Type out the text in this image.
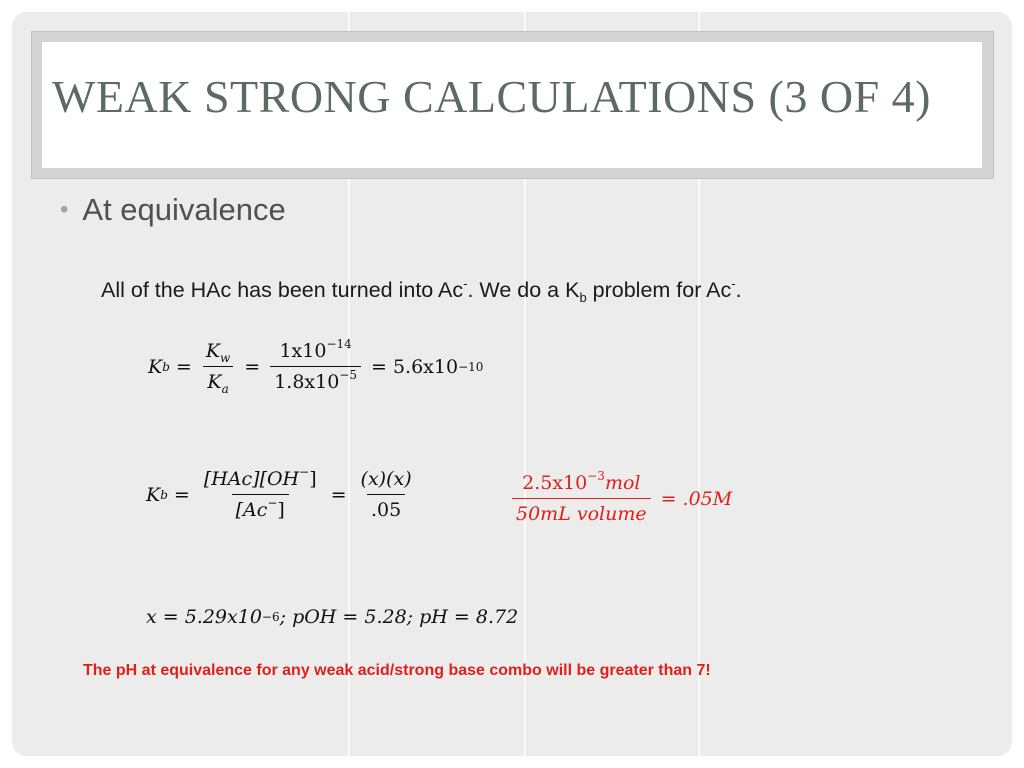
WEAK STRONG CALCULATIONS (3 OF 4)
• At equivalence
All of the HAc has been turned into Ac-. We do a $K_b$ problem for Ac-.
K $b = \frac{K_w}{K_a} = \frac{1x10^{-14}}{1.8x10^{-5}} = 5.6x10 -10$
K $b = \frac{[HAc][OH^-]}{[Ac^-]} = \frac{(x)(x)}{.05}$	$\frac{2.5x10^{-3}mol}{\text{50mL volume}} = .05M$
x = 5.29x10 −6 ; pOH = 5.28; pH = 8.72
The pH at equivalence for any weak acid/strong base combo will be greater than 7!
